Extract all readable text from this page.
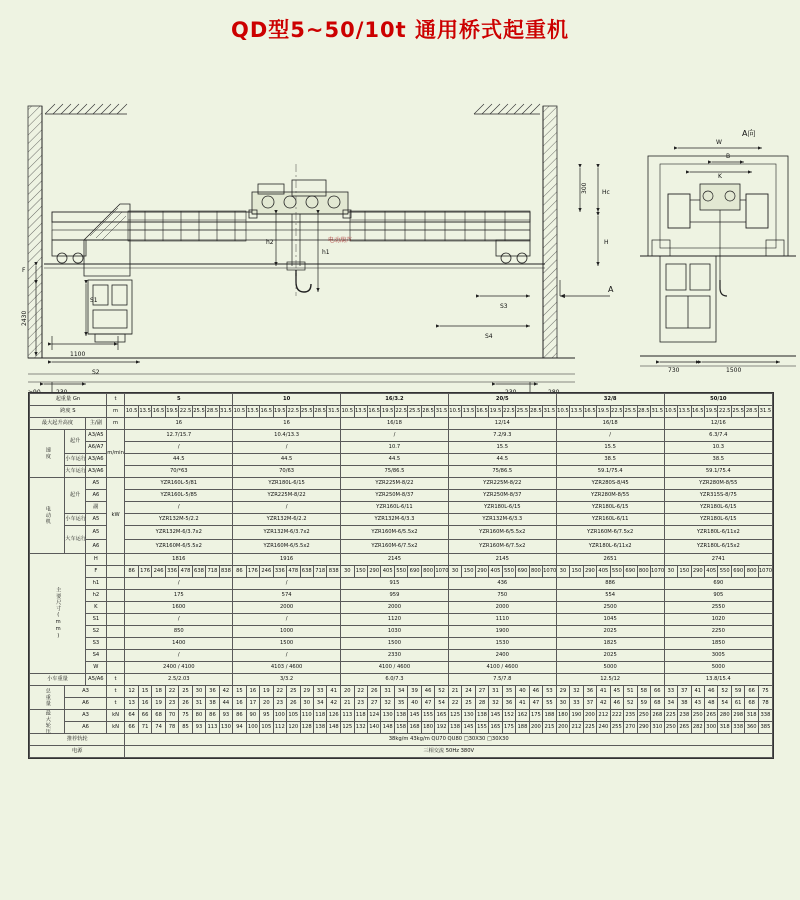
QD型5~50/10t 通用桥式起重机
1100
S2
S1
S3
S4
H
Hc
h2
h1
F
2430
300
A
A向
W
K
B
730	1500
电动葫芦
起重量 Gn			t	5								10								16/3.2								20/5								32/8								50/10							
跨度 S			m	10.5	13.5	16.5	19.5	22.5	25.5	28.5	31.5	10.5	13.5	16.5	19.5	22.5	25.5	28.5	31.5	10.5	13.5	16.5	19.5	22.5	25.5	28.5	31.5	10.5	13.5	16.5	19.5	22.5	25.5	28.5	31.5	10.5	13.5	16.5	19.5	22.5	25.5	28.5	31.5	10.5	13.5	16.5	19.5	22.5	25.5	28.5	31.5
最大起升高度		主/副	m	16								16								16/18								12/14								16/18								12/16							
速度	起升	A3/A5	m/min	12.7/15.7								10.4/13.3								/								7.2/9.3								/								6.3/7.4							
		A6/A7		/								/								10.7								15.5								15.5								10.3							
	小车运行	A3/A6		44.5								44.5								44.5								44.5								38.5								38.5							
	大车运行	A3/A6		70/*63								70/63								75/86.5								75/86.5								59.1/75.4								59.1/75.4							
电动机	起升	A5	kW	YZR160L-5/81								YZR180L-6/15								YZR225M-8/22								YZR225M-8/22								YZR280S-8/45								YZR280M-8/55							
		A6		YZR160L-5/85								YZR225M-8/22								YZR250M-8/37								YZR250M-8/37								YZR280M-8/55								YZR315S-8/75							
		副		/								/								YZR160L-6/11								YZR180L-6/15								YZR180L-6/15								YZR180L-6/15							
	小车运行	A5		YZR132M-5/2.2								YZR132M-6/2.2								YZR132M-6/3.3								YZR132M-6/3.3								YZR160L-6/11								YZR180L-6/15							
	大车运行	A5		YZR132M-6/3.7x2								YZR132M-6/3.7x2								YZR160M-6/5.5x2								YZR160M-6/5.5x2								YZR160M-6/7.5x2								YZR180L-6/11x2							
		A6		YZR160M-6/5.5x2								YZR160M-6/5.5x2								YZR160M-6/7.5x2								YZR160M-6/7.5x2								YZR180L-6/11x2								YZR180L-6/15x2							
主要尺寸(mm)		H		1816								1916								2145								2145								2651								2741							
		F		86	176	246	336	478	638	718	838	86	176	246	336	478	638	718	838	30	150	290	405	550	690	800	1070	30	150	290	405	550	690	800	1070	30	150	290	405	550	690	800	1070	30	150	290	405	550	690	800	1070
		h1		/								/								915								436								886								690							
		h2		175								574								959								750								554								905							
		K		1600								2000								2000								2000								2500								2550							
		S1		/								/								1120								1110								1045								1020							
		S2		850								1000								1030								1900								2025								2250							
		S3		1400								1500								1500								1530								1825								1850							
		S4		/								/								2330								2400								2025								3005							
		W		2400 / 4100								4103 / 4600								4100 / 4600								4100 / 4600								5000								5000							
小车重量		A5/A6	t	2.5/2.03								3/3.2								6.0/7.3								7.5/7.8								12.5/12								13.8/15.4							
总重量	A3		t	12	15	18	22	25	30	36	42	15	16	19	22	25	29	33	41	20	22	26	31	34	39	46	52	21	24	27	31	35	40	46	53	29	32	36	41	45	51	58	66	33	37	41	46	52	59	66	75
	A6		t	13	16	19	23	26	31	38	44	16	17	20	23	26	30	34	42	21	23	27	32	35	40	47	54	22	25	28	32	36	41	47	55	30	33	37	42	46	52	59	68	34	38	43	48	54	61	68	78
最大轮压	A3		kN	64	66	68	70	75	80	86	93	86	90	95	100	105	110	118	126	113	118	124	130	138	145	155	165	125	130	138	145	152	162	175	188	180	190	200	212	222	235	250	268	225	238	250	265	280	298	318	338
	A6		kN	66	71	74	78	85	93	113	130	94	100	105	112	120	128	138	148	125	132	140	148	158	168	180	192	138	145	155	165	175	188	200	215	200	212	225	240	255	270	290	310	250	265	282	300	318	338	360	385
推荐轨轮				38kg/m 43kg/m QU70 QU80 □30X30 □30X30																																															
电源				三相交流 50Hz 380V																																															
